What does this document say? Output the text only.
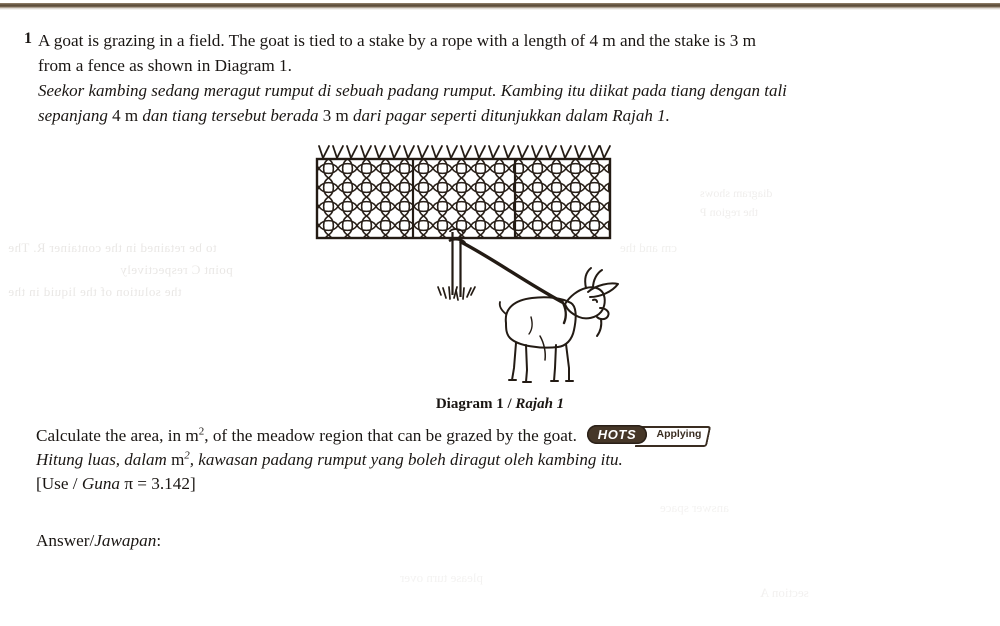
to be retained in the container R. The
point C respectively
the solution of the liquid in the
diagram shows
the region P
cm and the
answer space
please turn over
section A
1 A goat is grazing in a field. The goat is tied to a stake by a rope with a length of 4 m and the stake is 3 m
from a fence as shown in Diagram 1.
Seekor kambing sedang meragut rumput di sebuah padang rumput. Kambing itu diikat pada tiang dengan tali
sepanjang 4 m dan tiang tersebut berada 3 m dari pagar seperti ditunjukkan dalam Rajah 1.
Diagram 1 / Rajah 1
Calculate the area, in $m^2$, of the meadow region that can be grazed by the goat.	HOTS	Applying
Hitung luas, dalam $m^2$, kawasan padang rumput yang boleh diragut oleh kambing itu.
[Use / Guna π = 3.142]
Answer/Jawapan:
